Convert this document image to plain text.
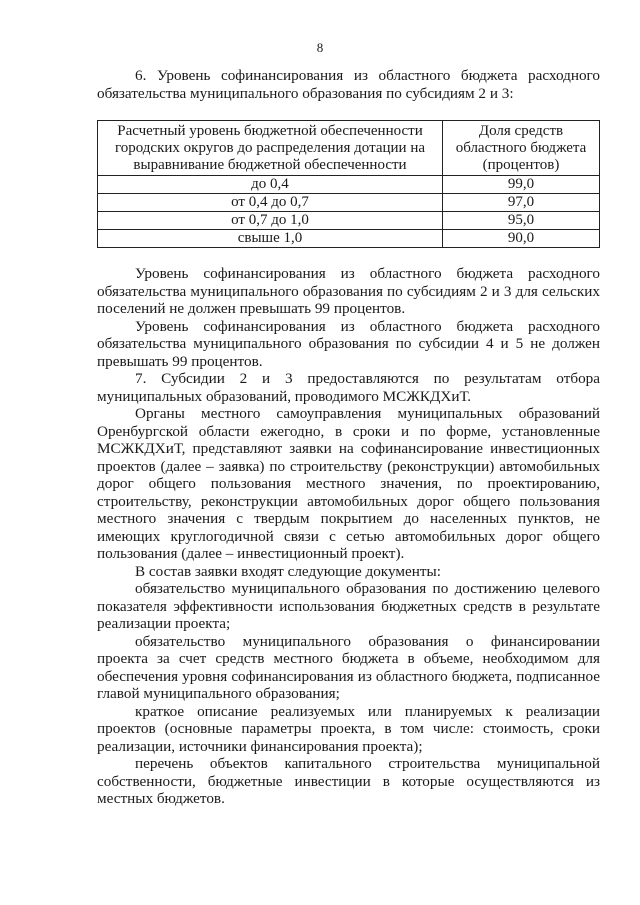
8

6. Уровень софинансирования из областного бюджета расходного обязательства муниципального образования по субсидиям 2 и 3:

Расчетный уровень бюджетной обеспеченности городских округов до распределения дотации на выравнивание бюджетной обеспеченности	Доля средств областного бюджета (процентов)
до 0,4	99,0
от 0,4 до 0,7	97,0
от 0,7 до 1,0	95,0
свыше 1,0	90,0

Уровень софинансирования из областного бюджета расходного обязательства муниципального образования по субсидиям 2 и 3 для сельских поселений не должен превышать 99 процентов.

Уровень софинансирования из областного бюджета расходного обязательства муниципального образования по субсидии 4 и 5 не должен превышать 99 процентов.

7. Субсидии 2 и 3 предоставляются по результатам отбора муниципальных образований, проводимого МСЖКДХиТ.

Органы местного самоуправления муниципальных образований Оренбургской области ежегодно, в сроки и по форме, установленные МСЖКДХиТ, представляют заявки на софинансирование инвестиционных проектов (далее – заявка) по строительству (реконструкции) автомобильных дорог общего пользования местного значения, по проектированию, строительству, реконструкции автомобильных дорог общего пользования местного значения с твердым покрытием до населенных пунктов, не имеющих круглогодичной связи с сетью автомобильных дорог общего пользования (далее – инвестиционный проект).

В состав заявки входят следующие документы:

обязательство муниципального образования по достижению целевого показателя эффективности использования бюджетных средств в результате реализации проекта;

обязательство муниципального образования о финансировании проекта за счет средств местного бюджета в объеме, необходимом для обеспечения уровня софинансирования из областного бюджета, подписанное главой муниципального образования;

краткое описание реализуемых или планируемых к реализации проектов (основные параметры проекта, в том числе: стоимость, сроки реализации, источники финансирования проекта);

перечень объектов капитального строительства муниципальной собственности, бюджетные инвестиции в которые осуществляются из местных бюджетов.
